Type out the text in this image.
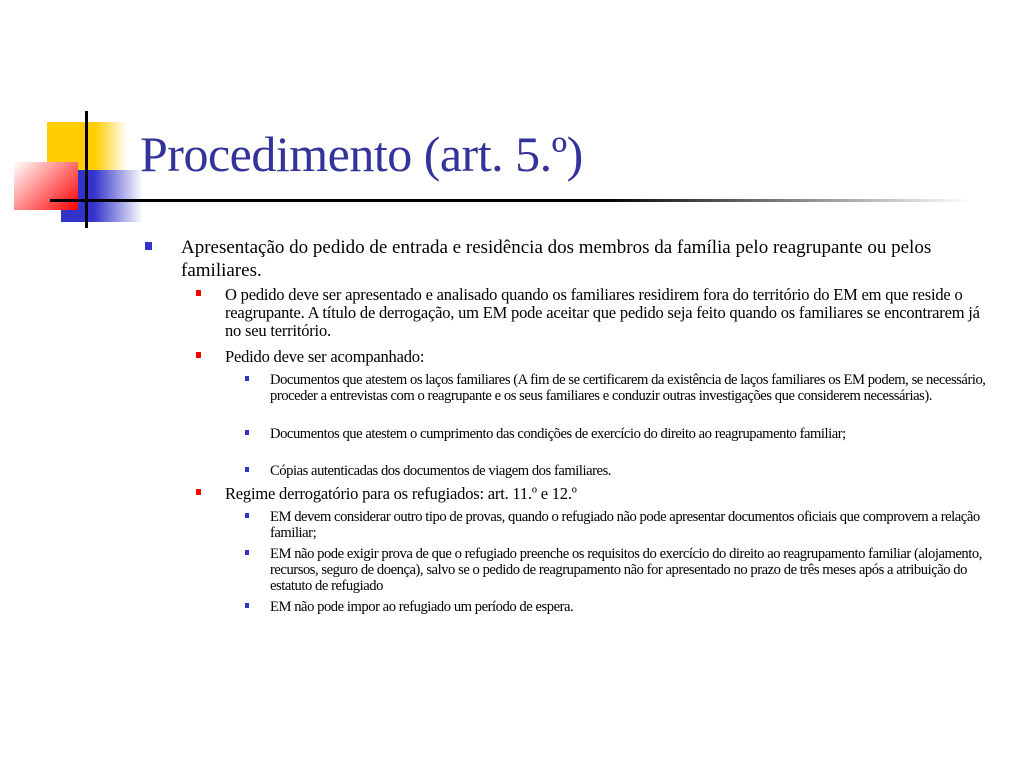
Procedimento (art. 5.º)

Apresentação do pedido de entrada e residência dos membros da família pelo reagrupante ou pelos familiares.

O pedido deve ser apresentado e analisado quando os familiares residirem fora do território do EM em que reside o reagrupante. A título de derrogação, um EM pode aceitar que pedido seja feito quando os familiares se encontrarem já no seu território.

Pedido deve ser acompanhado:

Documentos que atestem os laços familiares (A fim de se certificarem da existência de laços familiares os EM podem, se necessário, proceder a entrevistas com o reagrupante e os seus familiares e conduzir outras investigações que considerem necessárias).

Documentos que atestem o cumprimento das condições de exercício do direito ao reagrupamento familiar;

Cópias autenticadas dos documentos de viagem dos familiares.

Regime derrogatório para os refugiados: art. 11.º e 12.º

EM devem considerar outro tipo de provas, quando o refugiado não pode apresentar documentos oficiais que comprovem a relação familiar;

EM não pode exigir prova de que o refugiado preenche os requisitos do exercício do direito ao reagrupamento familiar (alojamento, recursos, seguro de doença), salvo se o pedido de reagrupamento não for apresentado no prazo de três meses após a atribuição do estatuto de refugiado

EM não pode impor ao refugiado um período de espera.
